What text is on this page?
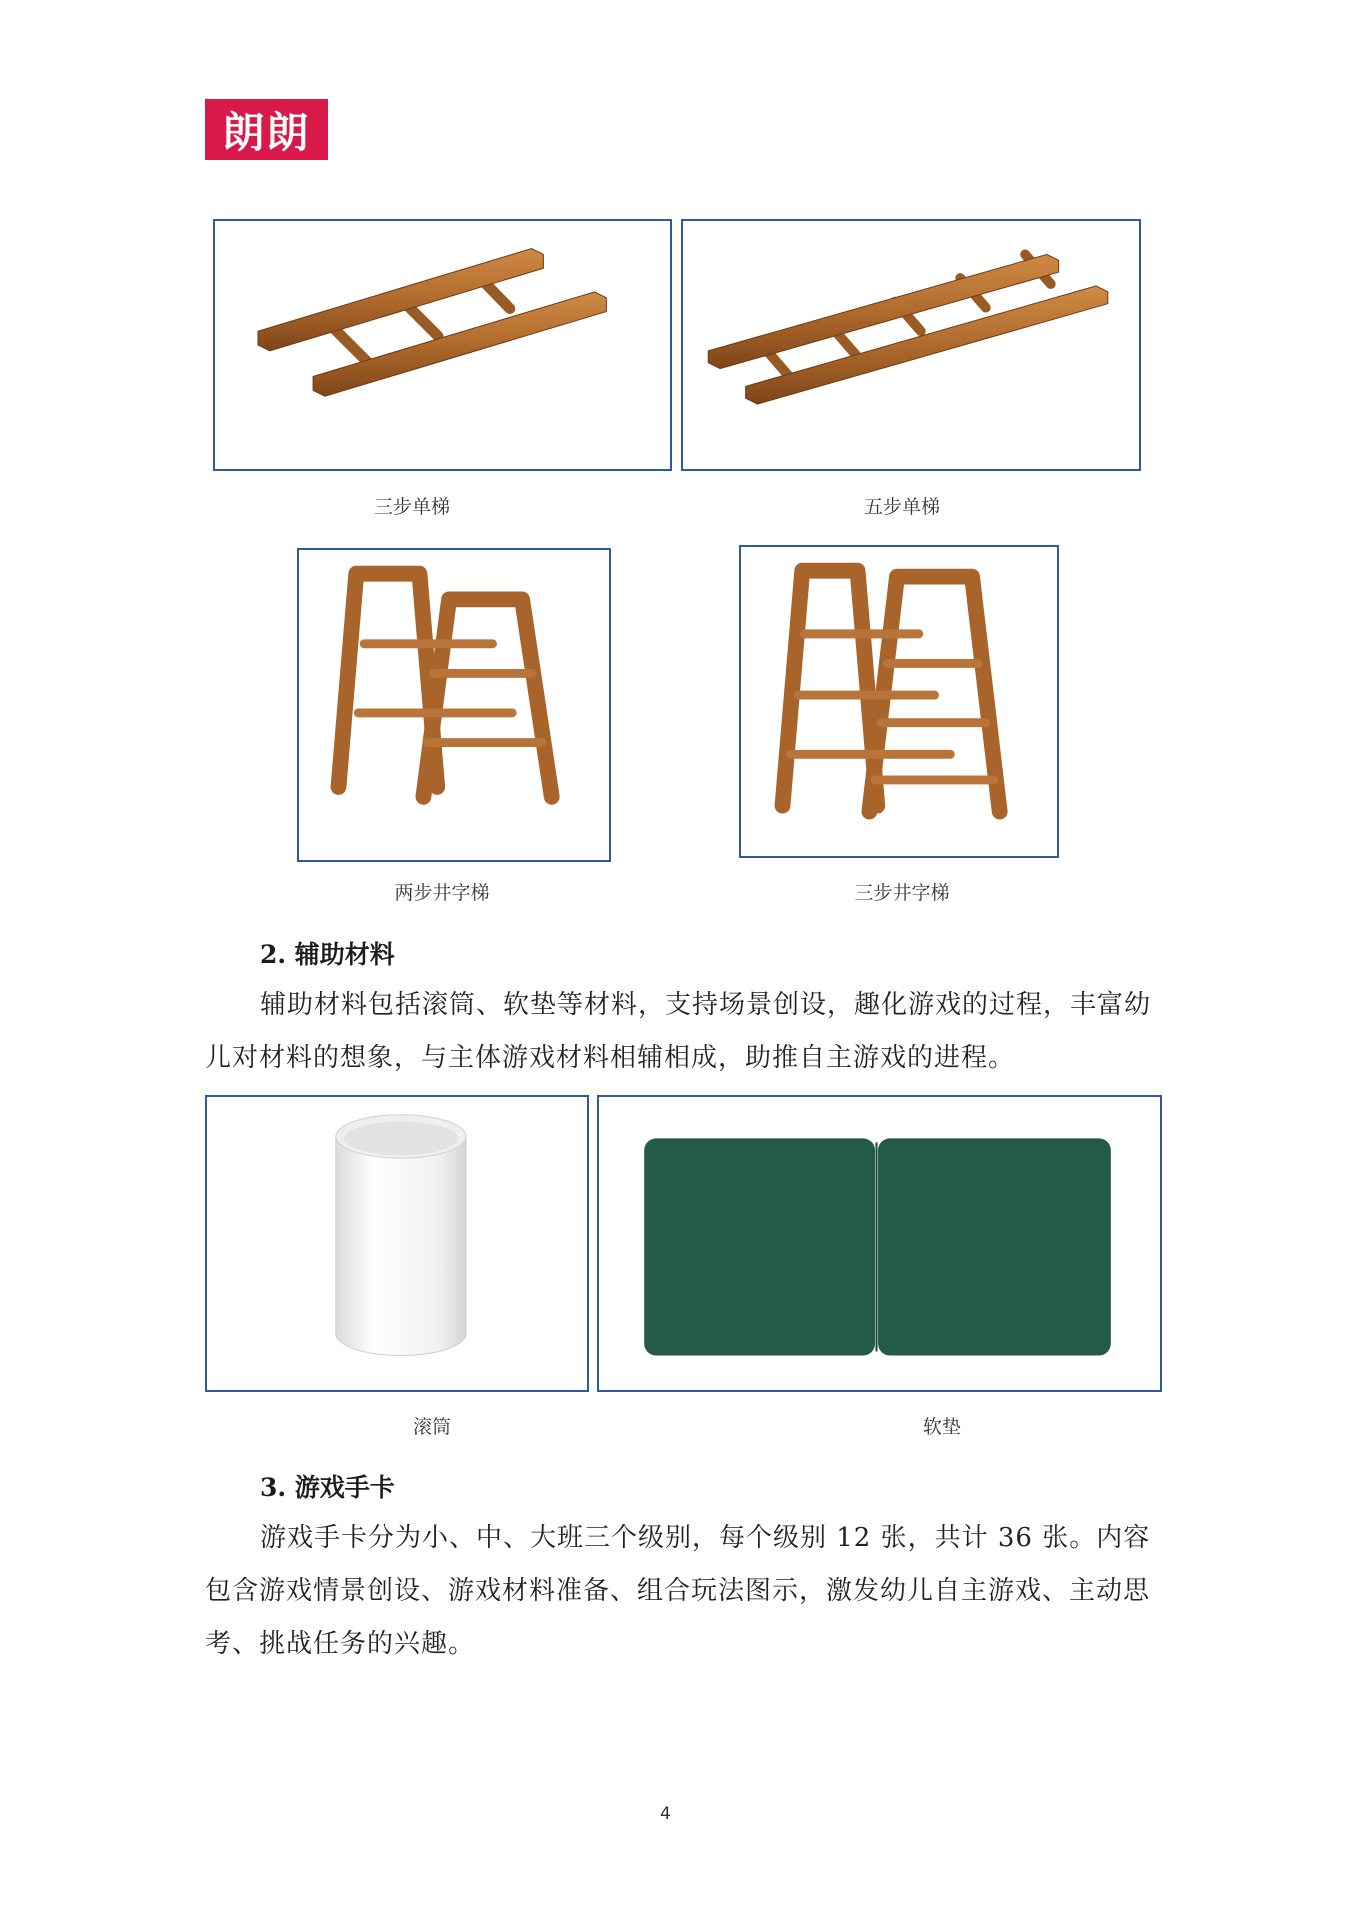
朗朗
三步单梯	五步单梯
两步井字梯	三步井字梯
2. 辅助材料
辅助材料包括滚筒、软垫等材料，支持场景创设，趣化游戏的过程，丰富幼儿对材料的想象，与主体游戏材料相辅相成，助推自主游戏的进程。
滚筒	软垫
3. 游戏手卡
游戏手卡分为小、中、大班三个级别，每个级别 12 张，共计 36 张。内容包含游戏情景创设、游戏材料准备、组合玩法图示，激发幼儿自主游戏、主动思考、挑战任务的兴趣。
4
